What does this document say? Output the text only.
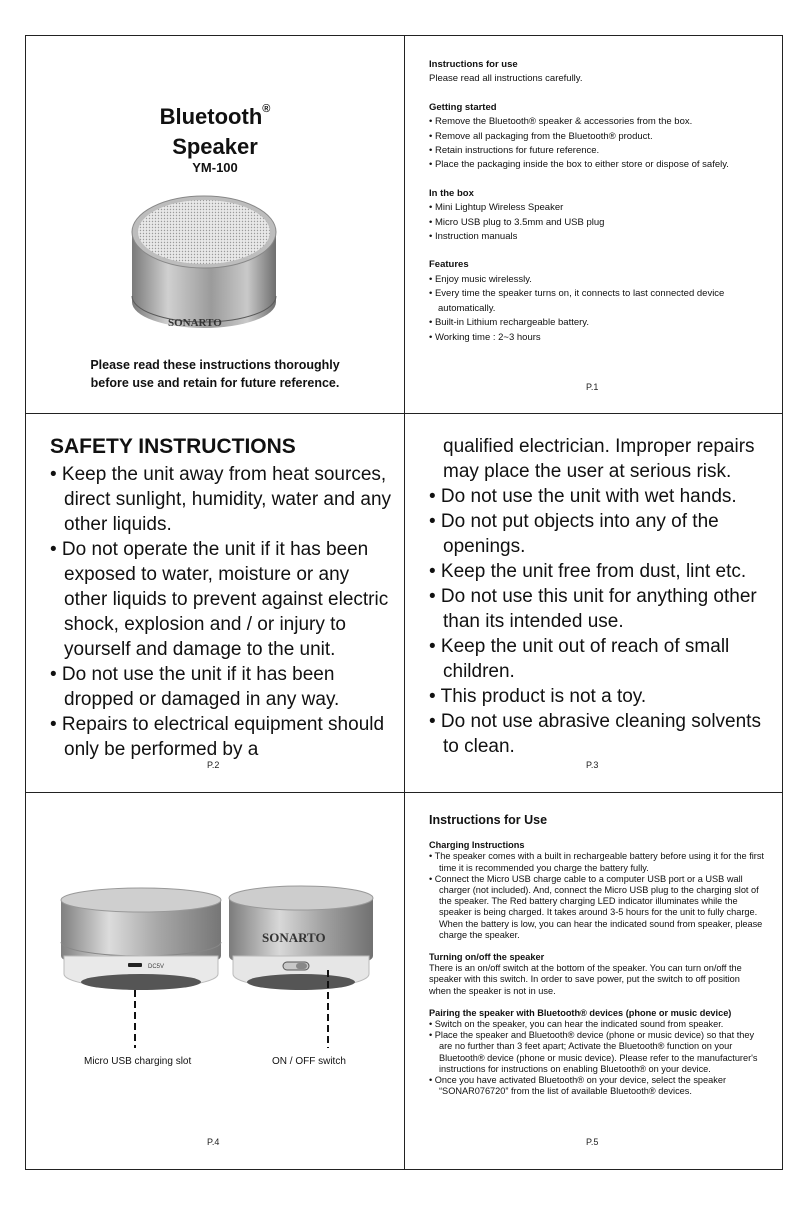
Bluetooth®
Speaker
YM-100
SONARTO
Please read these instructions thoroughly
before use and retain for future reference.
Instructions for use

Please read all instructions carefully.

Getting started
• Remove the Bluetooth® speaker & accessories from the box.
• Remove all packaging from the Bluetooth® product.
• Retain instructions for future reference.
• Place the packaging inside the box to either store or dispose of safely.
In the box
• Mini Lightup Wireless Speaker
• Micro USB plug to 3.5mm and USB plug
• Instruction manuals
Features
• Enjoy music wirelessly.
• Every time the speaker turns on, it connects to last connected device automatically.
• Built-in Lithium rechargeable battery.
• Working time : 2~3 hours
P.1
SAFETY INSTRUCTIONS
• Keep the unit away from heat sources, direct sunlight, humidity, water and any other liquids.
• Do not operate the unit if it has been exposed to water, moisture or any other liquids to prevent against electric shock, explosion and / or injury to yourself and damage to the unit.
• Do not use the unit if it has been dropped or damaged in any way.
• Repairs to electrical equipment should only be performed by a
P.2
qualified electrician. Improper repairs may place the user at serious risk.
• Do not use the unit with wet hands.
• Do not put objects into any of the openings.
• Keep the unit free from dust, lint etc.
• Do not use this unit for anything other than its intended use.
• Keep the unit out of reach of small children.
• This product is not a toy.
• Do not use abrasive cleaning solvents to clean.
P.3
DC5V
SONARTO
Micro USB charging slot	ON / OFF switch
P.4
Instructions for Use
Charging Instructions
• The speaker comes with a built in rechargeable battery before using it for the first time it is recommended you charge the battery fully.
• Connect the Micro USB charge cable to a computer USB port or a USB wall charger (not included). And, connect the Micro USB plug to the charging slot of the speaker. The Red battery charging LED indicator illuminates while the speaker is being charged. It takes around 3-5 hours for the unit to fully charge. When the battery is low, you can hear the indicated sound from speaker, please charge the speaker.
Turning on/off the speaker

There is an on/off switch at the bottom of the speaker. You can turn on/off the speaker with this switch. In order to save power, put the switch to off position when the speaker is not in use.

Pairing the speaker with Bluetooth® devices (phone or music device)
• Switch on the speaker, you can hear the indicated sound from speaker.
• Place the speaker and Bluetooth® device (phone or music device) so that they are no further than 3 feet apart; Activate the Bluetooth® function on your Bluetooth® device (phone or music device). Please refer to the manufacturer's instructions for instructions on enabling Bluetooth® on your device.
• Once you have activated Bluetooth® on your device, select the speaker “SONAR076720” from the list of available Bluetooth® devices.
P.5
